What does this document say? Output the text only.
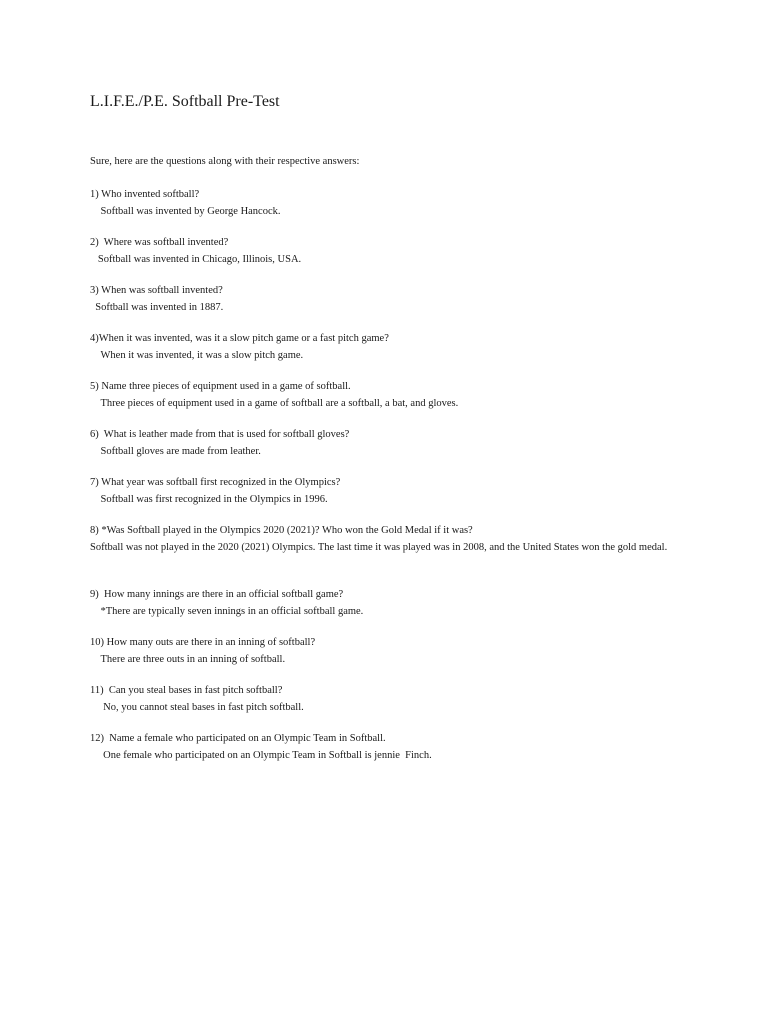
L.I.F.E./P.E. Softball Pre-Test
Sure, here are the questions along with their respective answers:
1) Who invented softball?
Softball was invented by George Hancock.
2)  Where was softball invented?
Softball was invented in Chicago, Illinois, USA.
3) When was softball invented?
Softball was invented in 1887.
4)When it was invented, was it a slow pitch game or a fast pitch game?
When it was invented, it was a slow pitch game.
5) Name three pieces of equipment used in a game of softball.
Three pieces of equipment used in a game of softball are a softball, a bat, and gloves.
6)  What is leather made from that is used for softball gloves?
Softball gloves are made from leather.
7) What year was softball first recognized in the Olympics?
Softball was first recognized in the Olympics in 1996.
8) *Was Softball played in the Olympics 2020 (2021)? Who won the Gold Medal if it was?
Softball was not played in the 2020 (2021) Olympics. The last time it was played was in 2008, and the United States won the gold medal.
9)  How many innings are there in an official softball game?
*There are typically seven innings in an official softball game.
10) How many outs are there in an inning of softball?
There are three outs in an inning of softball.
11)  Can you steal bases in fast pitch softball?
No, you cannot steal bases in fast pitch softball.
12)  Name a female who participated on an Olympic Team in Softball.
One female who participated on an Olympic Team in Softball is jennie  Finch.
